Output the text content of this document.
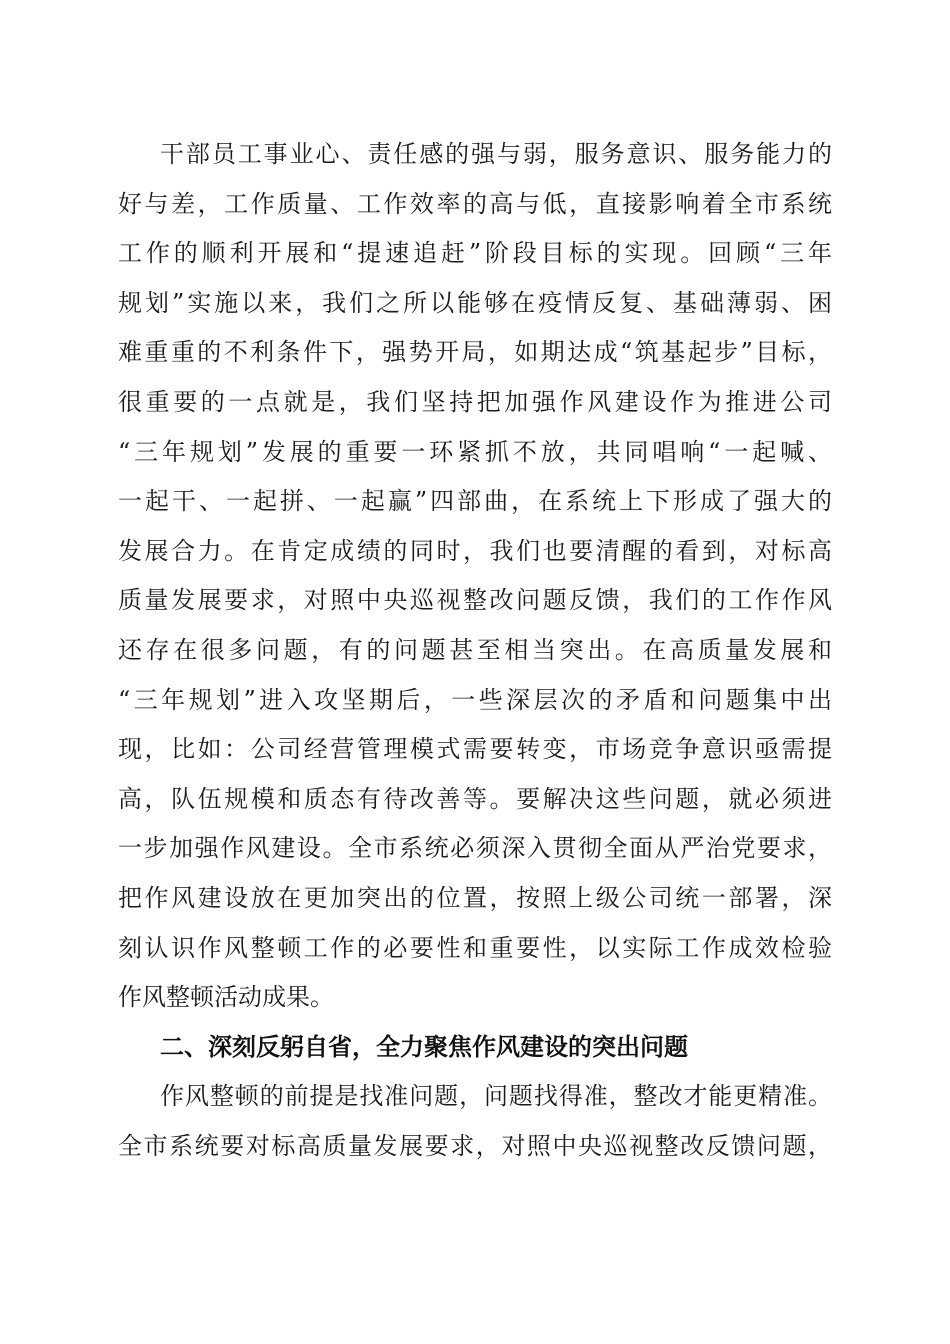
干部员工事业心、责任感的强与弱，服务意识、服务能力的
好与差，工作质量、工作效率的高与低，直接影响着全市系统
工作的顺利开展和“提速追赶”阶段目标的实现。回顾“三年
规划”实施以来，我们之所以能够在疫情反复、基础薄弱、困
难重重的不利条件下，强势开局，如期达成“筑基起步”目标，
很重要的一点就是，我们坚持把加强作风建设作为推进公司
“三年规划”发展的重要一环紧抓不放，共同唱响“一起喊、
一起干、一起拼、一起赢”四部曲，在系统上下形成了强大的
发展合力。在肯定成绩的同时，我们也要清醒的看到，对标高
质量发展要求，对照中央巡视整改问题反馈，我们的工作作风
还存在很多问题，有的问题甚至相当突出。在高质量发展和
“三年规划”进入攻坚期后，一些深层次的矛盾和问题集中出
现，比如：公司经营管理模式需要转变，市场竞争意识亟需提
高，队伍规模和质态有待改善等。要解决这些问题，就必须进
一步加强作风建设。全市系统必须深入贯彻全面从严治党要求，
把作风建设放在更加突出的位置，按照上级公司统一部署，深
刻认识作风整顿工作的必要性和重要性，以实际工作成效检验
作风整顿活动成果。
二、深刻反躬自省，全力聚焦作风建设的突出问题
作风整顿的前提是找准问题，问题找得准，整改才能更精准。
全市系统要对标高质量发展要求，对照中央巡视整改反馈问题，
